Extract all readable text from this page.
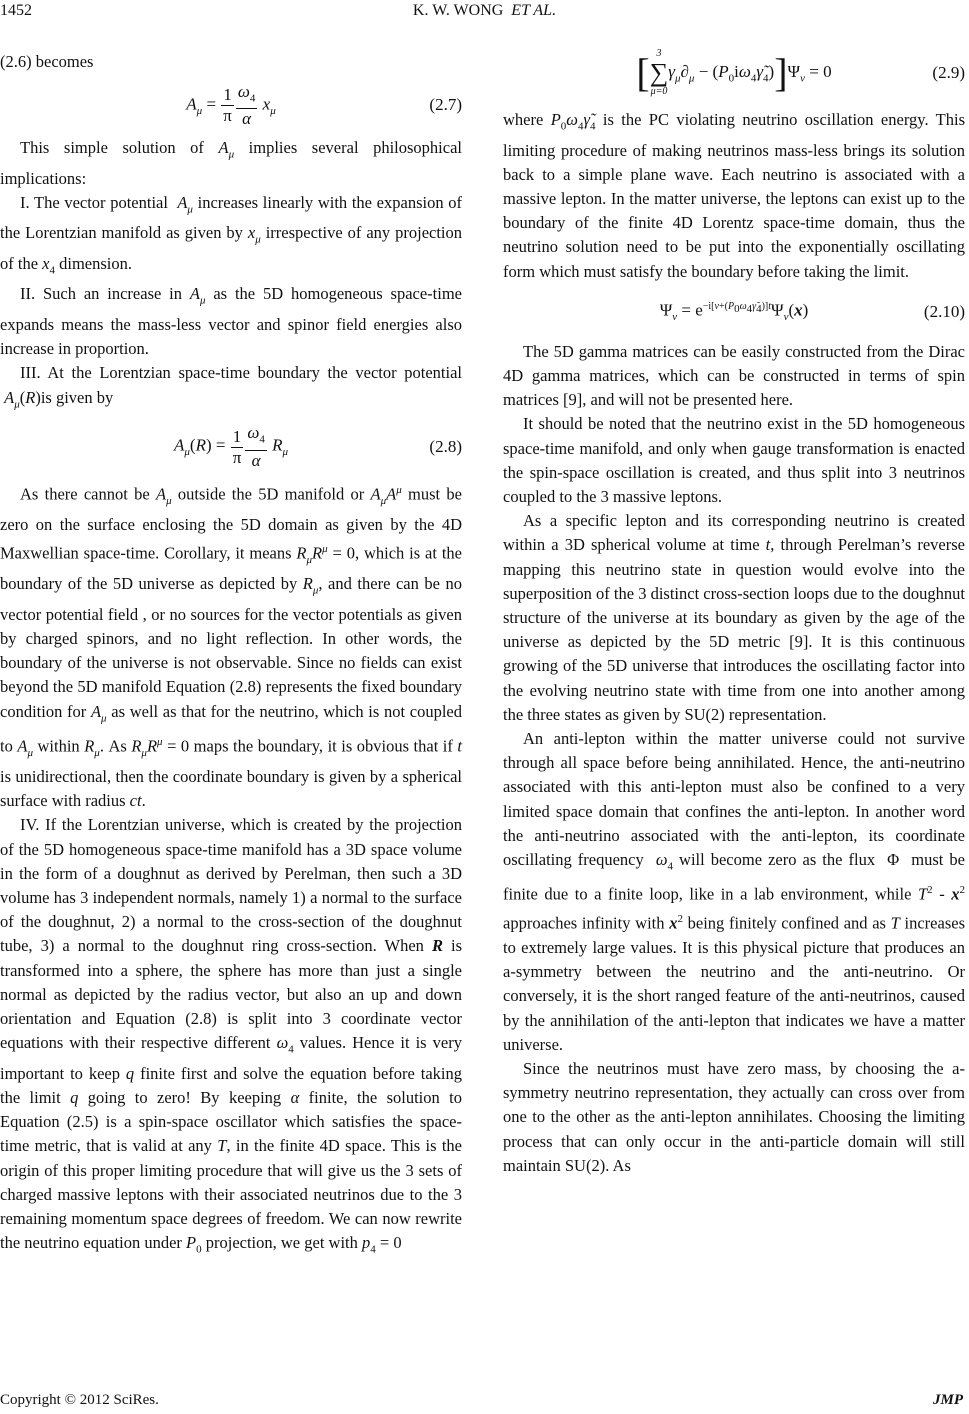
1452	K. W. WONG ET AL.

(2.6) becomes

$A_\mu = \frac{1}{\pi} \frac{\omega_4}{\alpha} x_\mu$	(2.7)

This simple solution of $A_\mu$ implies several philosophical implications:

I. The vector potential  $A_\mu$ increases linearly with the expansion of the Lorentzian manifold as given by $x_\mu$ irrespective of any projection of the $x_4$ dimension.

II. Such an increase in $A_\mu$ as the 5D homogeneous space-time expands means the mass-less vector and spinor field energies also increase in proportion.

III. At the Lorentzian space-time boundary the vector potential  $A_\mu(R)is$ given by

$A_\mu(R) = \frac{1}{\pi} \frac{\omega_4}{\alpha} R_\mu$	(2.8)

As there cannot be $A_\mu$ outside the 5D manifold or $A_\mu A^\mu$ must be zero on the surface enclosing the 5D domain as given by the 4D Maxwellian space-time. Corollary, it means $R_\mu R^\mu = 0$, which is at the boundary of the 5D universe as depicted by $R_\mu$, and there can be no vector potential field , or no sources for the vector potentials as given by charged spinors, and no light reflection. In other words, the boundary of the universe is not observable. Since no fields can exist beyond the 5D manifold Equation (2.8) represents the fixed boundary condition for $A_\mu$ as well as that for the neutrino, which is not coupled to $A_\mu$ within $R_\mu$. As $R_\mu R^\mu = 0$ maps the boundary, it is obvious that if t is unidirectional, then the coordinate boundary is given by a spherical surface with radius ct.

IV. If the Lorentzian universe, which is created by the projection of the 5D homogeneous space-time manifold has a 3D space volume in the form of a doughnut as derived by Perelman, then such a 3D volume has 3 independent normals, namely 1) a normal to the surface of the doughnut, 2) a normal to the cross-section of the doughnut tube, 3) a normal to the doughnut ring cross-section. When R is transformed into a sphere, the sphere has more than just a single normal as depicted by the radius vector, but also an up and down orientation and Equation (2.8) is split into 3 coordinate vector equations with their respective different $\omega_4$ values. Hence it is very important to keep q finite first and solve the equation before taking the limit q going to zero! By keeping α finite, the solution to Equation (2.5) is a spin-space oscillator which satisfies the space-time metric, that is valid at any T, in the finite 4D space. This is the origin of this proper limiting procedure that will give us the 3 sets of charged massive leptons with their associated neutrinos due to the 3 remaining momentum space degrees of freedom. We can now rewrite the neutrino equation under $P_0$ projection, we get with $p_4 = 0$

[ 3
∑
μ=0
$\gamma_\mu\partial_\mu$ − $(P_0i\omega_4\gammã_4)]\Psi_\nu = 0$	(2.9)

where $P_0\omega_4\gammã_4$ is the PC violating neutrino oscillation energy. This limiting procedure of making neutrinos mass-less brings its solution back to a simple plane wave. Each neutrino is associated with a massive lepton. In the matter universe, the leptons can exist up to the boundary of the finite 4D Lorentz space-time domain, thus the neutrino solution need to be put into the exponentially oscillating form which must satisfy the boundary before taking the limit.

$\Psi_\nu = e^{-i[\nu+(P_0\omega_4\gammã_4)]t}\Psi_\nu(x)$	(2.10)

The 5D gamma matrices can be easily constructed from the Dirac 4D gamma matrices, which can be constructed in terms of spin matrices [9], and will not be presented here.

It should be noted that the neutrino exist in the 5D homogeneous space-time manifold, and only when gauge transformation is enacted the spin-space oscillation is created, and thus split into 3 neutrinos coupled to the 3 massive leptons.

As a specific lepton and its corresponding neutrino is created within a 3D spherical volume at time t, through Perelman’s reverse mapping this neutrino state in question would evolve into the superposition of the 3 distinct cross-section loops due to the doughnut structure of the universe at its boundary as given by the age of the universe as depicted by the 5D metric [9]. It is this continuous growing of the 5D universe that introduces the oscillating factor into the evolving neutrino state with time from one into another among the three states as given by SU(2) representation.

An anti-lepton within the matter universe could not survive through all space before being annihilated. Hence, the anti-neutrino associated with this anti-lepton must also be confined to a very limited space domain that confines the anti-lepton. In another word the anti-neutrino associated with the anti-lepton, its coordinate oscillating frequency  $\omega_4$ will become zero as the flux  Φ  must be finite due to a finite loop, like in a lab environment, while $T^2 - x^2$ approaches infinity with $x^2$ being finitely confined and as T increases to extremely large values. It is this physical picture that produces an a-symmetry between the neutrino and the anti-neutrino. Or conversely, it is the short ranged feature of the anti-neutrinos, caused by the annihilation of the anti-lepton that indicates we have a matter universe.

Since the neutrinos must have zero mass, by choosing the a-symmetry neutrino representation, they actually can cross over from one to the other as the anti-lepton annihilates. Choosing the limiting process that can only occur in the anti-particle domain will still maintain SU(2). As

Copyright © 2012 SciRes.	JMP
